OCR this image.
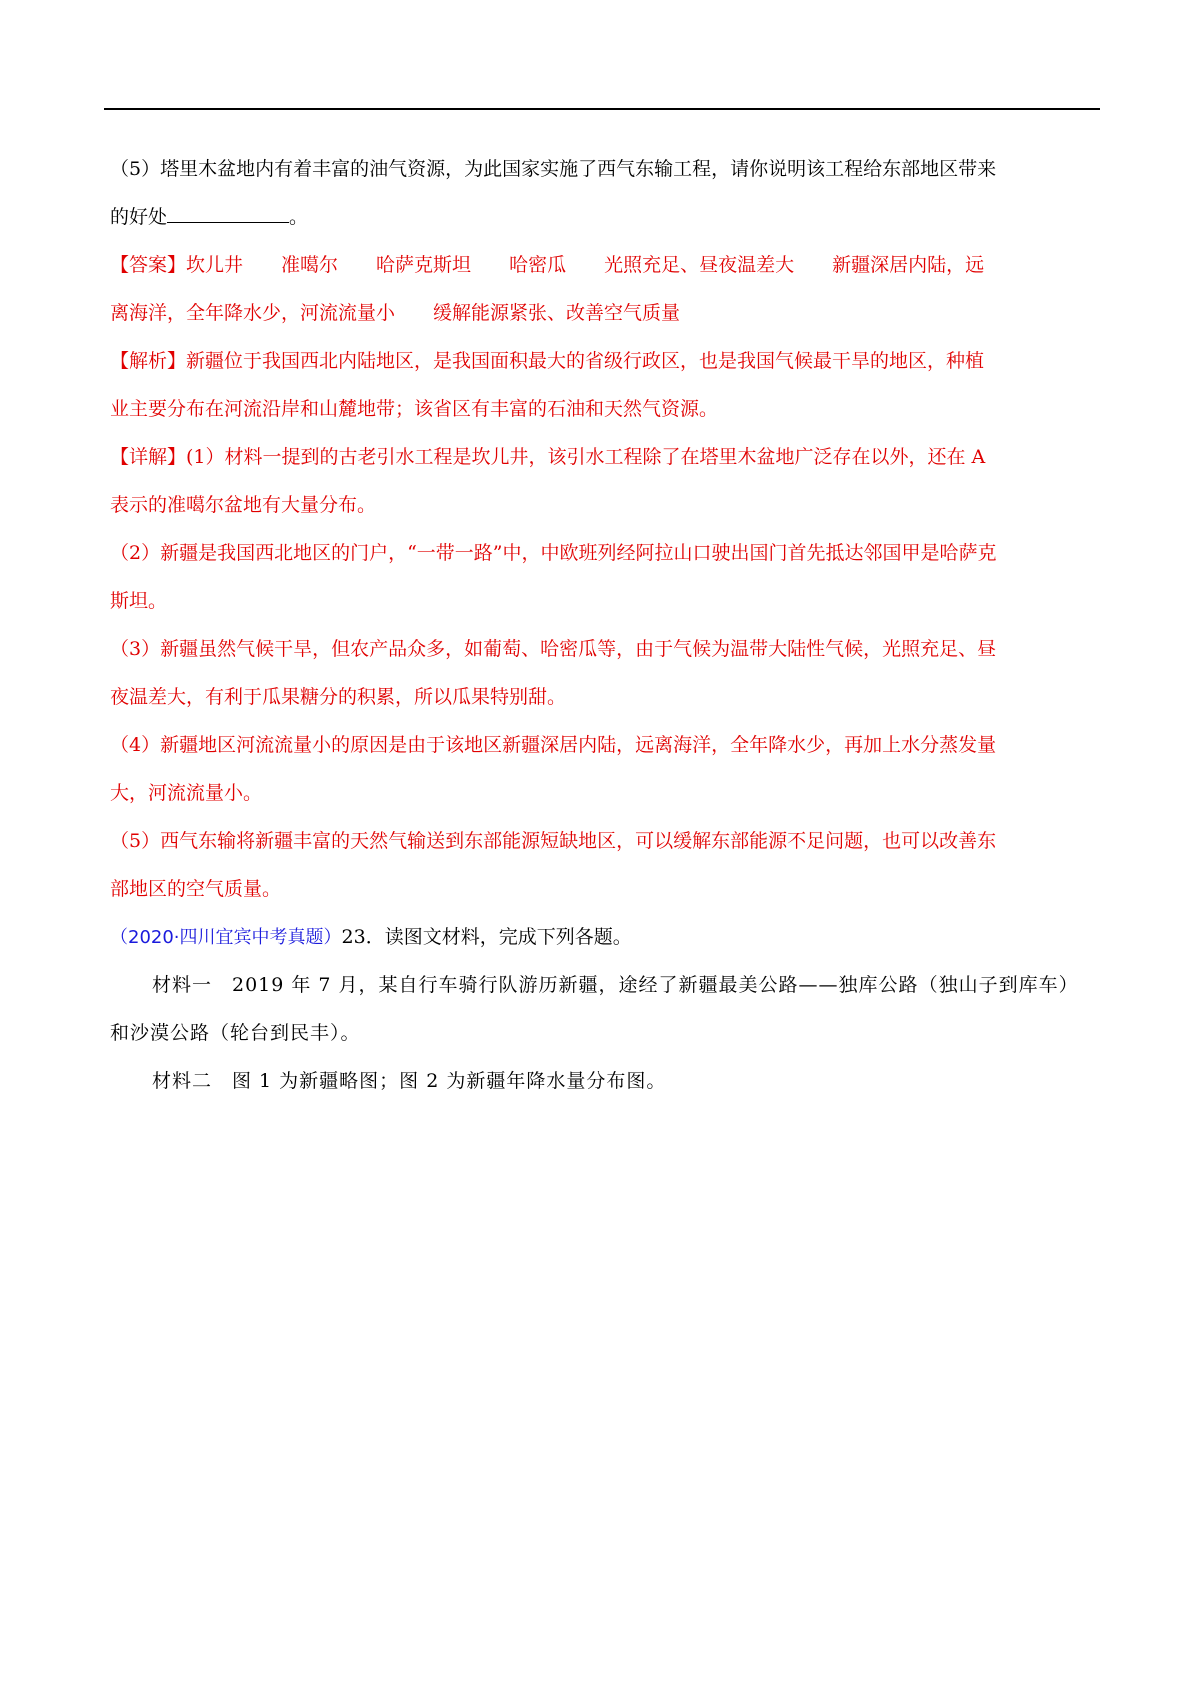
（5）塔里木盆地内有着丰富的油气资源，为此国家实施了西气东输工程，请你说明该工程给东部地区带来
的好处	。
【答案】坎儿井 准噶尔 哈萨克斯坦 哈密瓜 光照充足、昼夜温差大 新疆深居内陆，远
离海洋，全年降水少，河流流量小 缓解能源紧张、改善空气质量
【解析】新疆位于我国西北内陆地区，是我国面积最大的省级行政区，也是我国气候最干旱的地区，种植
业主要分布在河流沿岸和山麓地带；该省区有丰富的石油和天然气资源。
【详解】(1）材料一提到的古老引水工程是坎儿井，该引水工程除了在塔里木盆地广泛存在以外，还在 A
表示的准噶尔盆地有大量分布。
（2）新疆是我国西北地区的门户，“一带一路”中，中欧班列经阿拉山口驶出国门首先抵达邻国甲是哈萨克
斯坦。
（3）新疆虽然气候干旱，但农产品众多，如葡萄、哈密瓜等，由于气候为温带大陆性气候，光照充足、昼
夜温差大，有利于瓜果糖分的积累，所以瓜果特别甜。
（4）新疆地区河流流量小的原因是由于该地区新疆深居内陆，远离海洋，全年降水少，再加上水分蒸发量
大，河流流量小。
（5）西气东输将新疆丰富的天然气输送到东部能源短缺地区，可以缓解东部能源不足问题，也可以改善东
部地区的空气质量。
（2020·四川宜宾中考真题）23．读图文材料，完成下列各题。
材料一　2019 年 7 月，某自行车骑行队游历新疆，途经了新疆最美公路——独库公路（独山子到库车）
和沙漠公路（轮台到民丰）。
材料二　图 1 为新疆略图；图 2 为新疆年降水量分布图。
